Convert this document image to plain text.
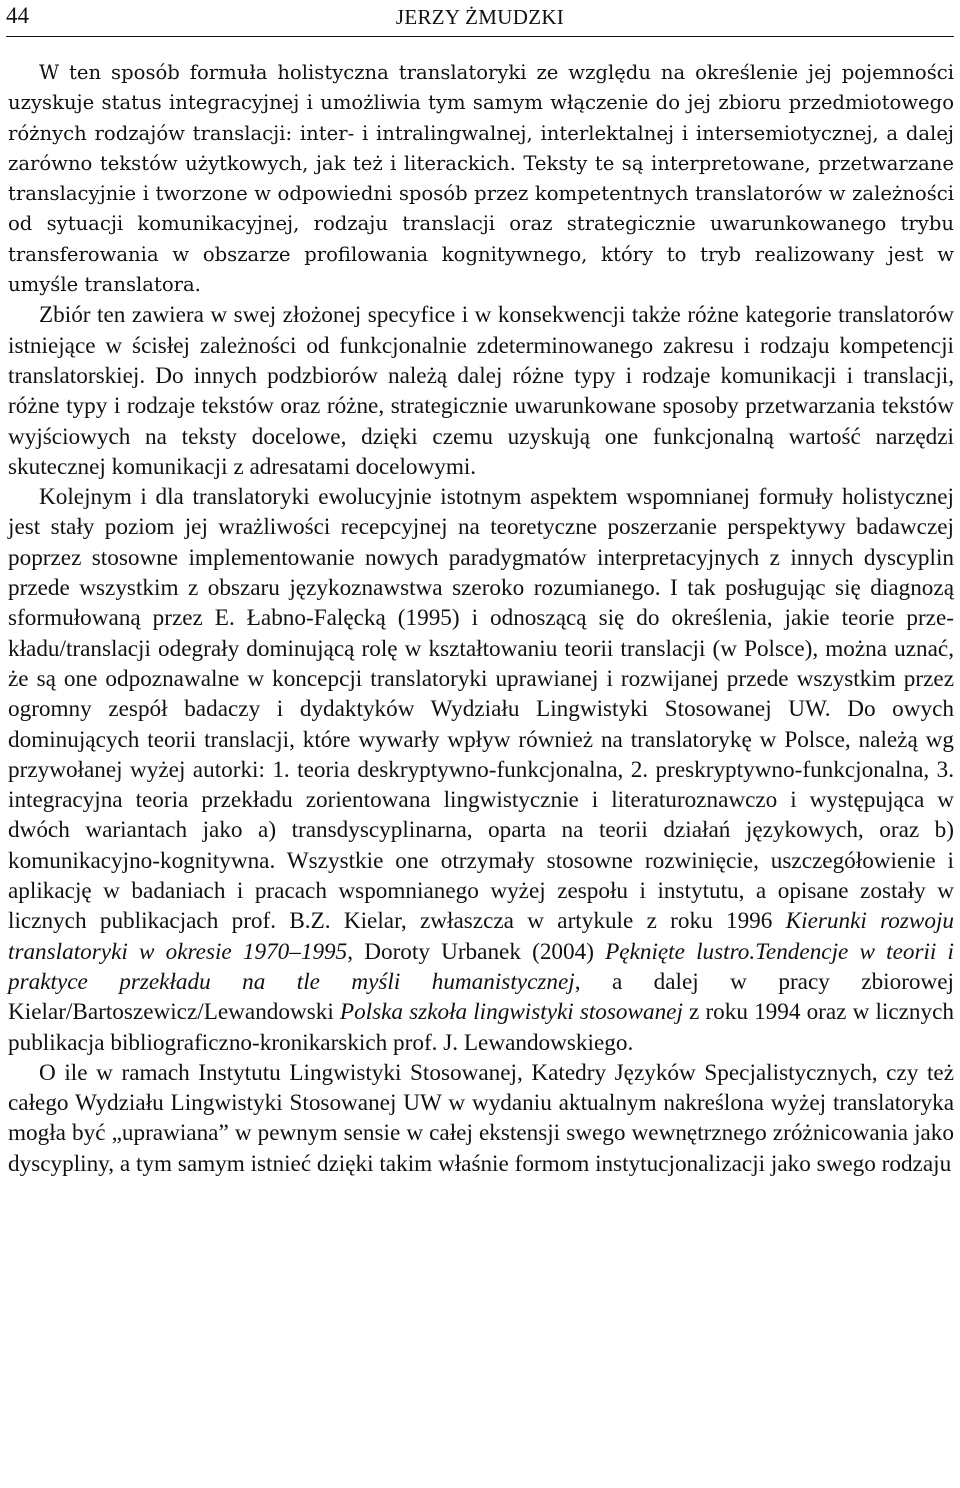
44	JERZY ŻMUDZKI

W ten sposób formuła holistyczna translatoryki ze względu na określenie jej pojemności uzyskuje status integracyjnej i umożliwia tym samym włączenie do jej zbioru przedmiotowego różnych rodzajów translacji: inter- i intralingwalnej, interlektalnej i intersemiotycznej, a dalej zarówno tekstów użytkowych, jak też i literackich. Teksty te są interpretowane, przetwarzane translacyjnie i tworzone w odpowiedni sposób przez kompetentnych translatorów w zależności od sytuacji komunikacyjnej, rodzaju translacji oraz strategicznie uwarunkowanego trybu transferowania w obszarze profilowania kognitywnego, który to tryb realizowany jest w umyśle translatora.

Zbiór ten zawiera w swej złożonej specyfice i w konsekwencji także różne kategorie translatorów istniejące w ścisłej zależności od funkcjonalnie zdeterminowanego zakresu i rodzaju kompetencji translatorskiej. Do innych podzbiorów należą dalej różne typy i rodzaje komunikacji i translacji, różne typy i rodzaje tekstów oraz różne, strategicznie uwarunkowane sposoby przetwarzania tekstów wyjściowych na teksty docelowe, dzięki czemu uzyskują one funkcjonalną wartość narzędzi skutecznej komunikacji z adresatami docelowymi.

Kolejnym i dla translatoryki ewolucyjnie istotnym aspektem wspomnianej formuły holistycznej jest stały poziom jej wrażliwości recepcyjnej na teoretyczne poszerzanie perspektywy badawczej poprzez stosowne implementowanie nowych paradygmatów interpretacyjnych z innych dyscyplin przede wszystkim z obszaru językoznawstwa szeroko rozumianego. I tak posługując się diagnozą sformułowaną przez E. Łabno-Falęcką (1995) i odnoszącą się do określenia, jakie teorie przekładu/translacji odegrały dominującą rolę w kształtowaniu teorii translacji (w Polsce), można uznać, że są one odpoznawalne w koncepcji translatoryki uprawianej i rozwijanej przede wszystkim przez ogromny zespół badaczy i dydaktyków Wydziału Lingwistyki Stosowanej UW. Do owych dominujących teorii translacji, które wywarły wpływ również na translatorykę w Polsce, należą wg przywołanej wyżej autorki: 1. teoria deskryptywno-funkcjonalna, 2. preskryptywno-funkcjonalna, 3. integracyjna teoria przekładu zorientowana lingwistycznie i literaturoznawczo i występująca w dwóch wariantach jako a) transdyscyplinarna, oparta na teorii działań językowych, oraz b) komunikacyjno-kognitywna. Wszystkie one otrzymały stosowne rozwinięcie, uszczegółowienie i aplikację w badaniach i pracach wspomnianego wyżej zespołu i instytutu, a opisane zostały w licznych publikacjach prof. B.Z. Kielar, zwłaszcza w artykule z roku 1996 Kierunki rozwoju translatoryki w okresie 1970–1995, Doroty Urbanek (2004) Pęknięte lustro.Tendencje w teorii i praktyce przekładu na tle myśli humanistycznej, a dalej w pracy zbiorowej Kielar/Bartoszewicz/Lewandowski Polska szkoła lingwistyki stosowanej z roku 1994 oraz w licznych publikacja bibliograficzno-kronikarskich prof. J. Lewandowskiego.

O ile w ramach Instytutu Lingwistyki Stosowanej, Katedry Języków Specjalistycznych, czy też całego Wydziału Lingwistyki Stosowanej UW w wydaniu aktualnym nakreślona wyżej translatoryka mogła być „uprawiana” w pewnym sensie w całej ekstensji swego wewnętrznego zróżnicowania jako dyscypliny, a tym samym istnieć dzięki takim właśnie formom instytucjonalizacji jako swego rodzaju
